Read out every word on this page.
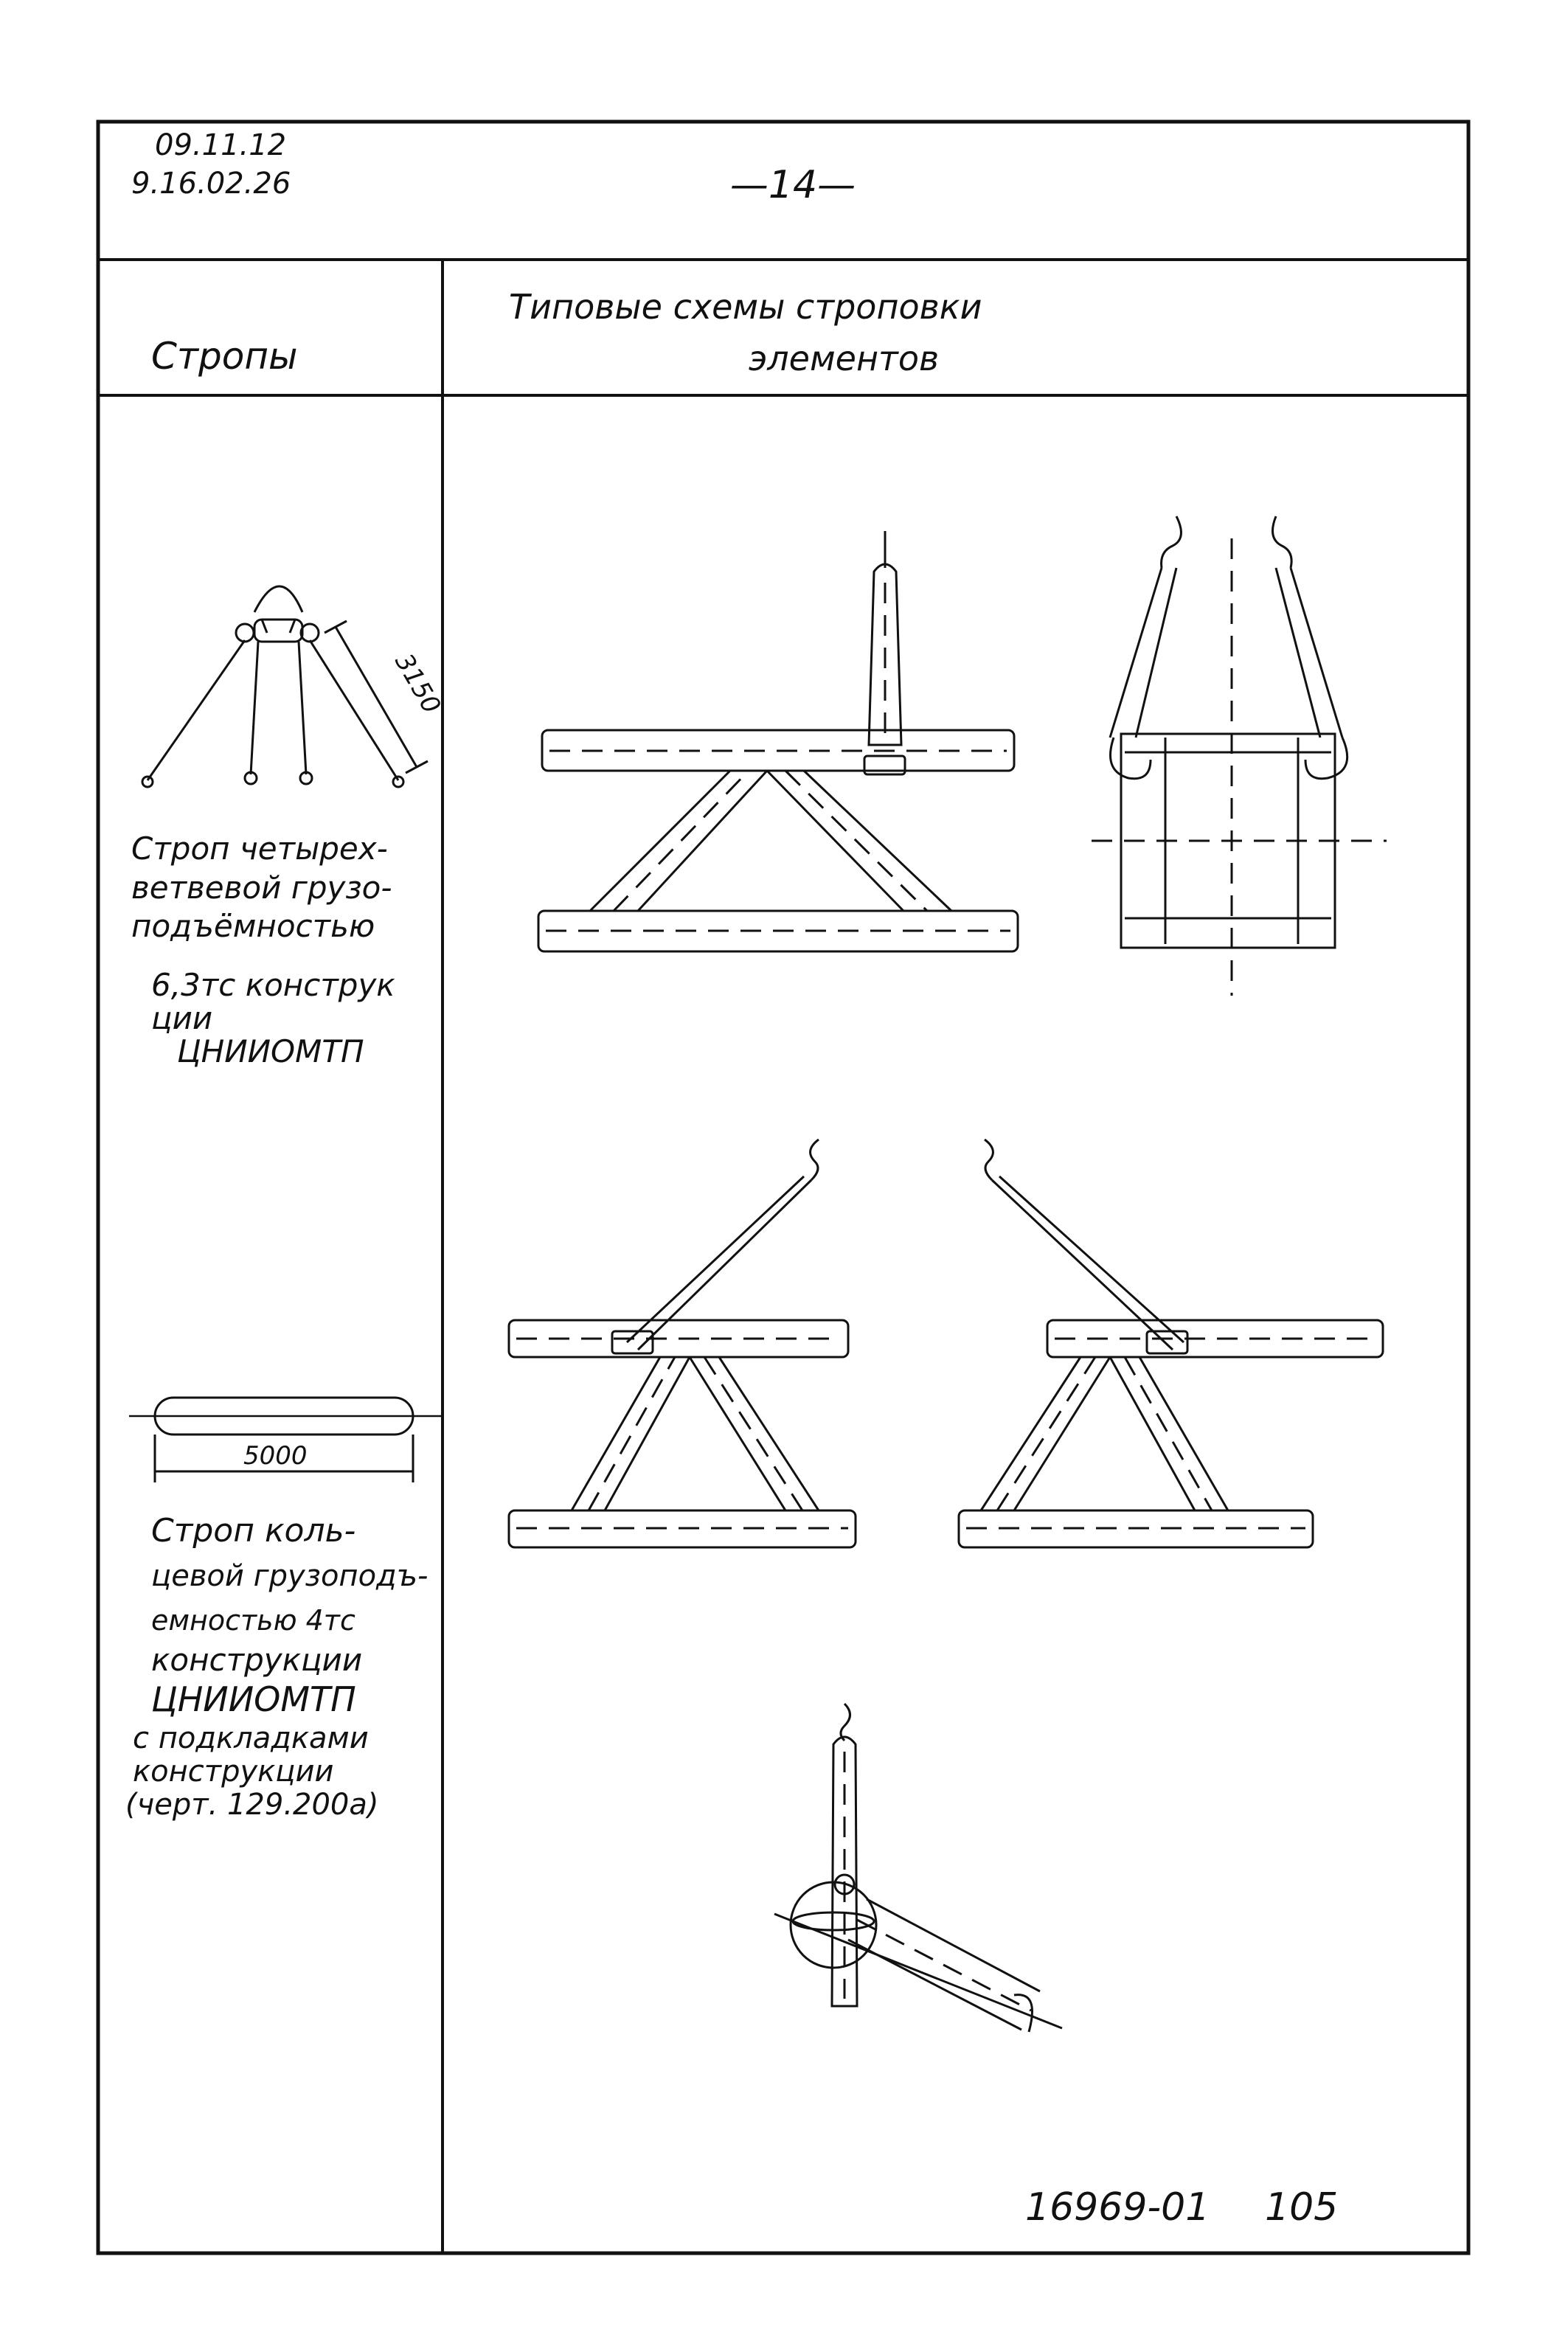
09.11.12
9.16.02.26	—14—
Стропы
Типовые схемы строповки
элементов
3150
Строп четырех-
ветвевой грузо-
подъёмностью
6,3тс конструк
ции
ЦНИИОМТП
5000
Строп коль-
цевой грузоподъ-
емностью 4тс
конструкции
ЦНИИОМТП
с подкладками
конструкции
(черт. 129.200а)
16969-01 105
